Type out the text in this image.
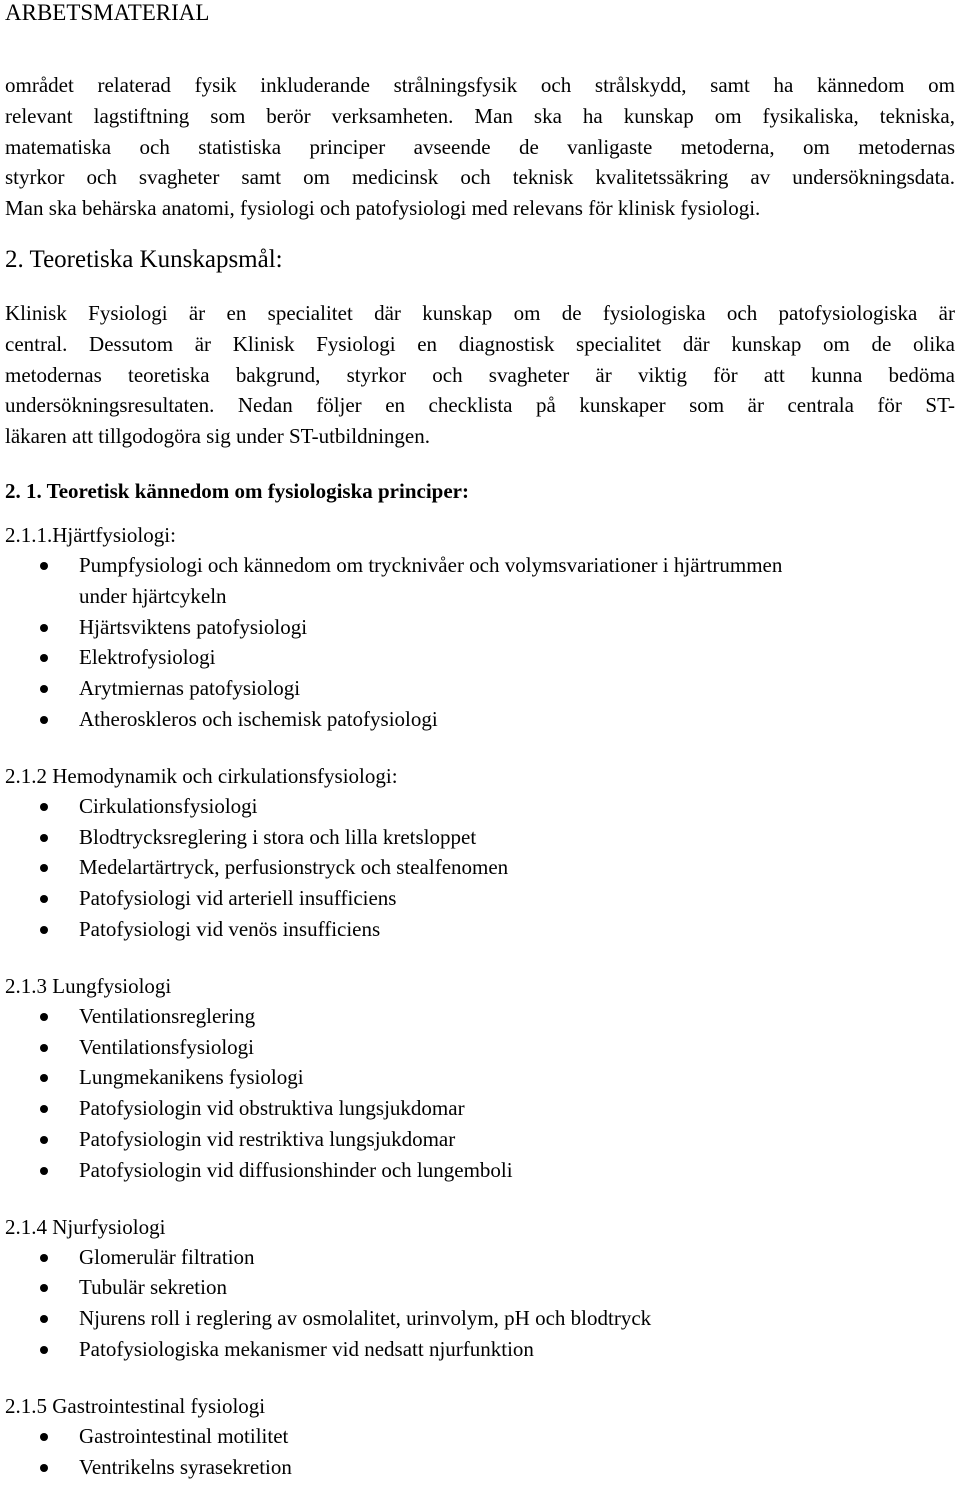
ARBETSMATERIAL
området relaterad fysik inkluderande strålningsfysik och strålskydd, samt ha kännedom om
relevant lagstiftning som berör verksamheten. Man ska ha kunskap om fysikaliska, tekniska,
matematiska och statistiska principer avseende de vanligaste metoderna, om metodernas
styrkor och svagheter samt om medicinsk och teknisk kvalitetssäkring av undersökningsdata.
Man ska behärska anatomi, fysiologi och patofysiologi med relevans för klinisk fysiologi.
2. Teoretiska Kunskapsmål:
Klinisk Fysiologi är en specialitet där kunskap om de fysiologiska och patofysiologiska är
central. Dessutom är Klinisk Fysiologi en diagnostisk specialitet där kunskap om de olika
metodernas teoretiska bakgrund, styrkor och svagheter är viktig för att kunna bedöma
undersökningsresultaten. Nedan följer en checklista på kunskaper som är centrala för ST-
läkaren att tillgodogöra sig under ST-utbildningen.
2. 1. Teoretisk kännedom om fysiologiska principer:
2.1.1.Hjärtfysiologi:
Pumpfysiologi och kännedom om trycknivåer och volymsvariationer i hjärtrummen
under hjärtcykeln
Hjärtsviktens patofysiologi
Elektrofysiologi
Arytmiernas patofysiologi
Atheroskleros och ischemisk patofysiologi
2.1.2 Hemodynamik och cirkulationsfysiologi:
Cirkulationsfysiologi
Blodtrycksreglering i stora och lilla kretsloppet
Medelartärtryck, perfusionstryck och stealfenomen
Patofysiologi vid arteriell insufficiens
Patofysiologi vid venös insufficiens
2.1.3 Lungfysiologi
Ventilationsreglering
Ventilationsfysiologi
Lungmekanikens fysiologi
Patofysiologin vid obstruktiva lungsjukdomar
Patofysiologin vid restriktiva lungsjukdomar
Patofysiologin vid diffusionshinder och lungemboli
2.1.4 Njurfysiologi
Glomerulär filtration
Tubulär sekretion
Njurens roll i reglering av osmolalitet, urinvolym, pH och blodtryck
Patofysiologiska mekanismer vid nedsatt njurfunktion
2.1.5 Gastrointestinal fysiologi
Gastrointestinal motilitet
Ventrikelns syrasekretion
